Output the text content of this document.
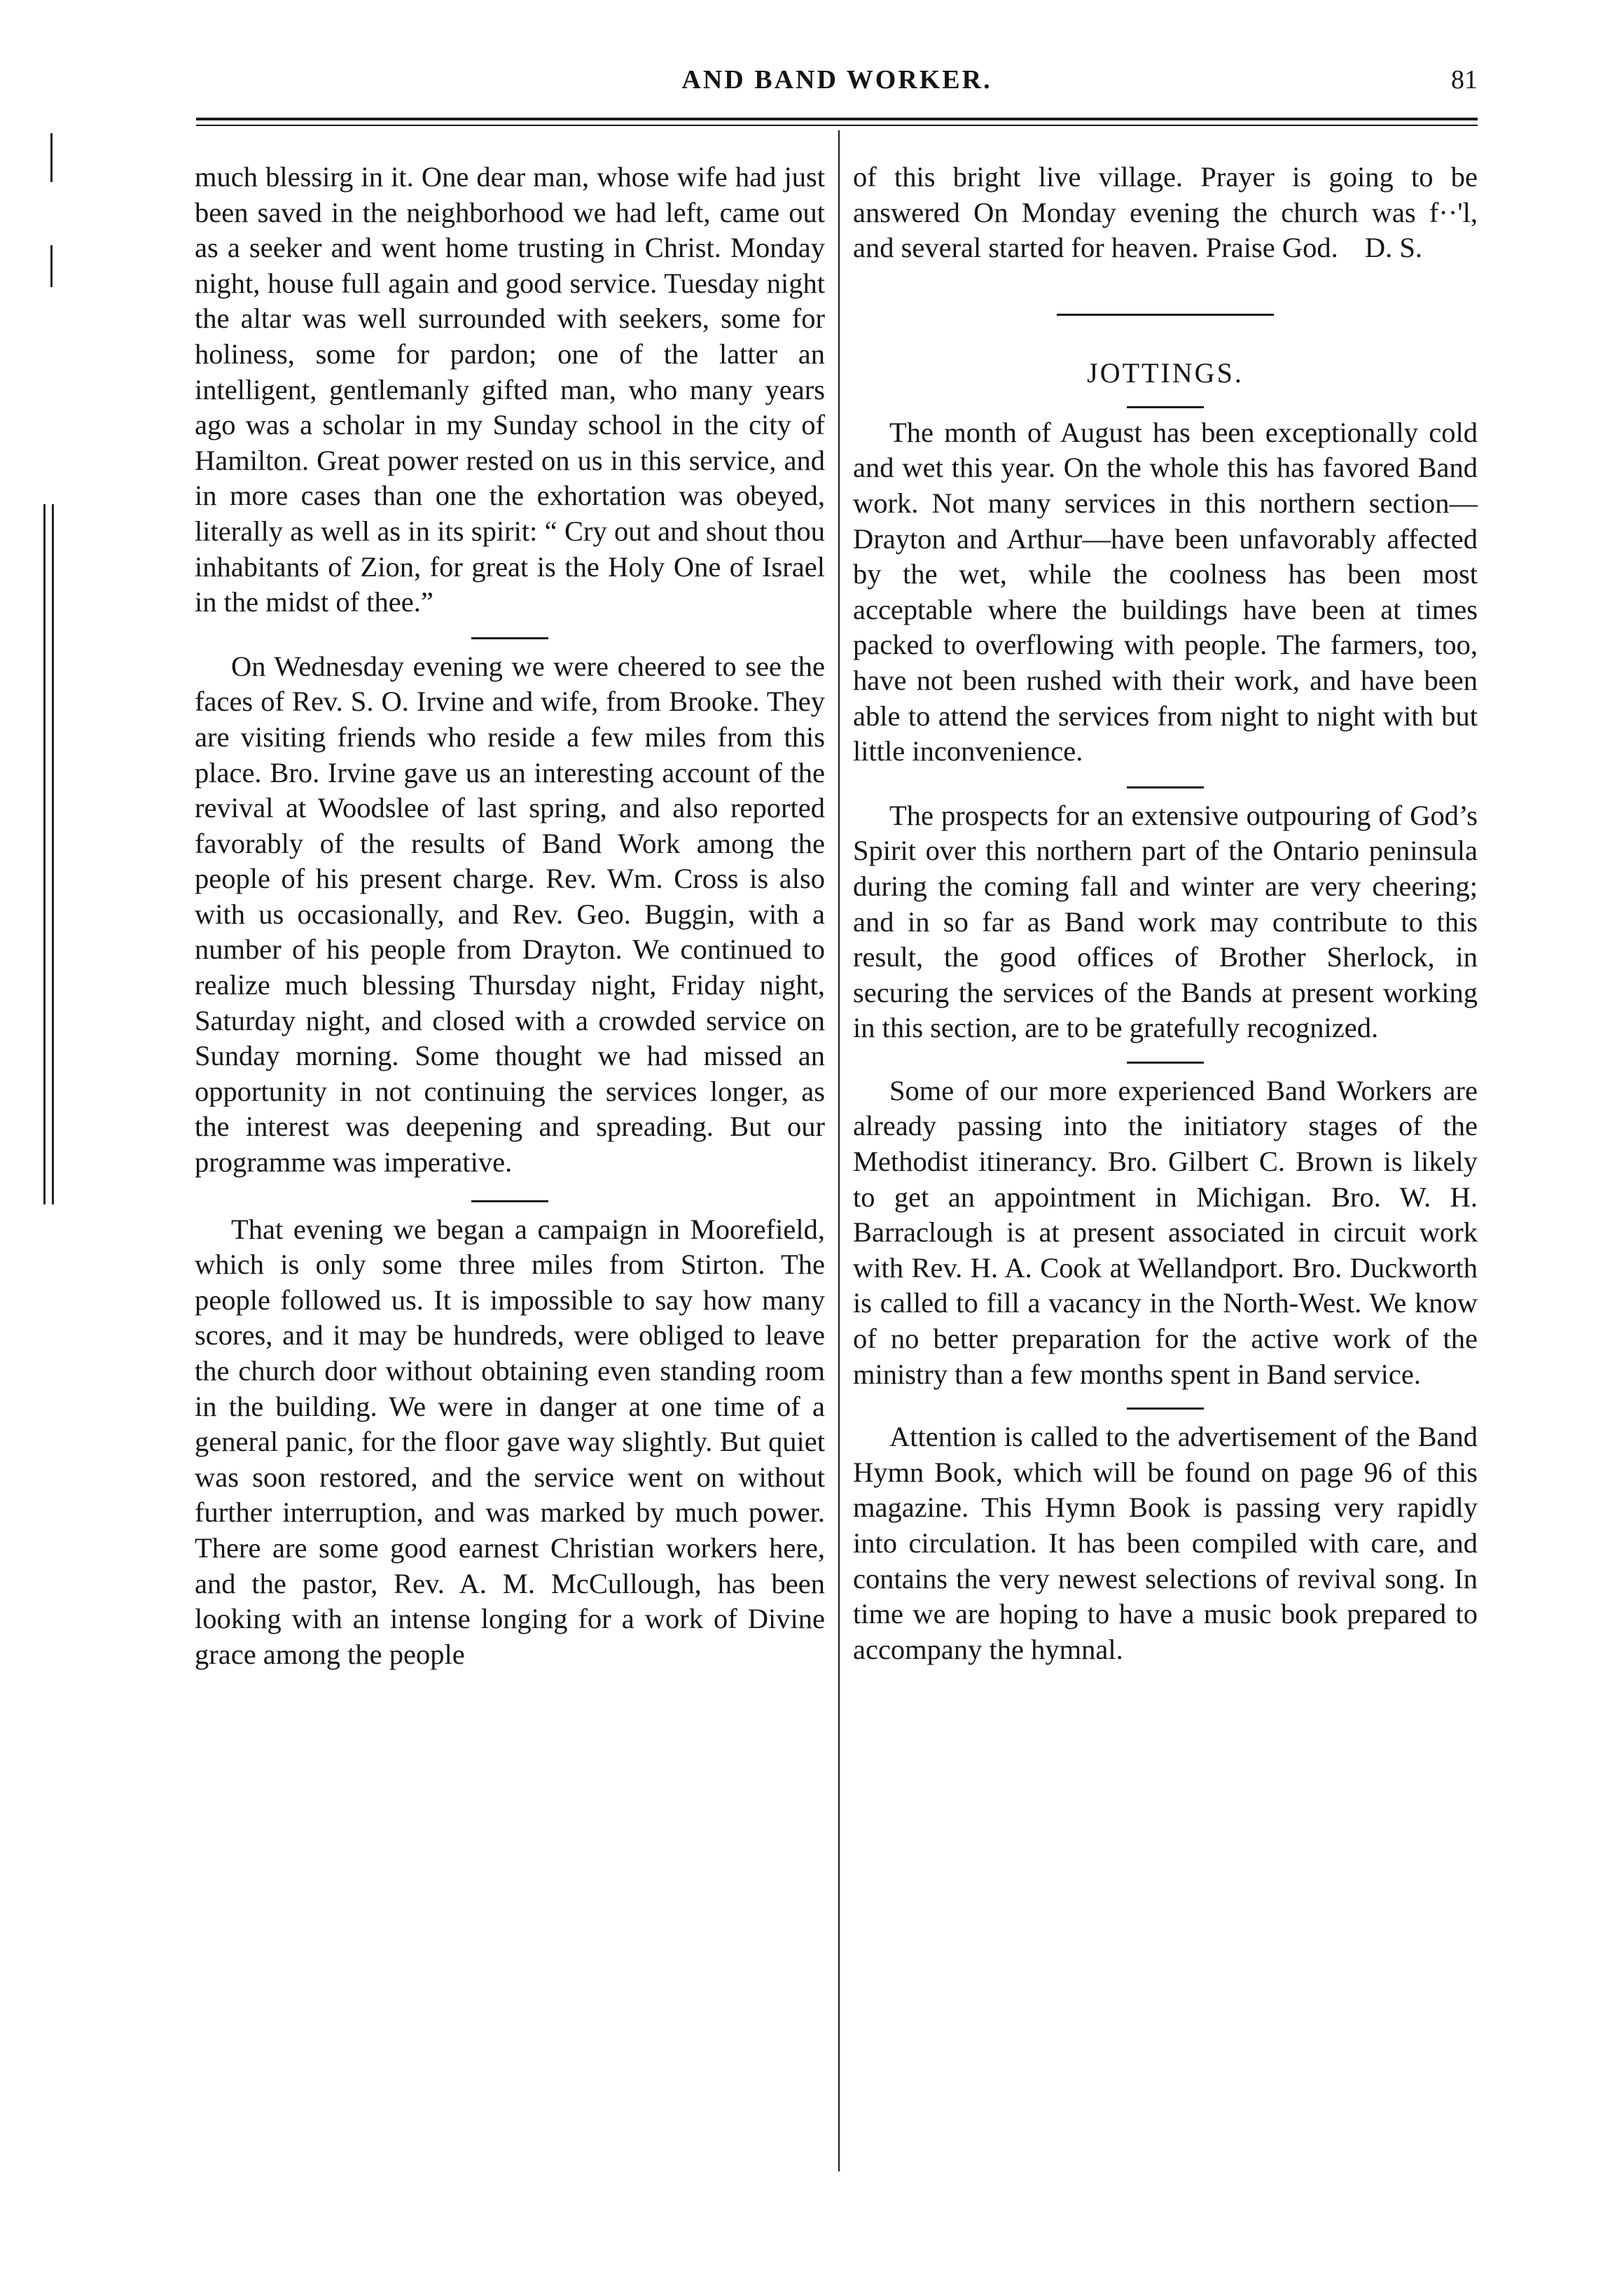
AND BAND WORKER.	81

much blessirg in it. One dear man, whose wife had just been saved in the neighborhood we had left, came out as a seeker and went home trusting in Christ. Monday night, house full again and good service. Tuesday night the altar was well surrounded with seekers, some for holiness, some for pardon; one of the latter an intelligent, gentlemanly gifted man, who many years ago was a scholar in my Sunday school in the city of Hamilton. Great power rested on us in this service, and in more cases than one the exhortation was obeyed, literally as well as in its spirit: “ Cry out and shout thou inhabitants of Zion, for great is the Holy One of Israel in the midst of thee.”

On Wednesday evening we were cheered to see the faces of Rev. S. O. Irvine and wife, from Brooke. They are visiting friends who reside a few miles from this place. Bro. Irvine gave us an interesting account of the revival at Woodslee of last spring, and also reported favorably of the results of Band Work among the people of his present charge. Rev. Wm. Cross is also with us occasionally, and Rev. Geo. Buggin, with a number of his people from Drayton. We continued to realize much blessing Thursday night, Friday night, Saturday night, and closed with a crowded service on Sunday morning. Some thought we had missed an opportunity in not continuing the services longer, as the interest was deepening and spreading. But our programme was imperative.

That evening we began a campaign in Moorefield, which is only some three miles from Stirton. The people followed us. It is impossible to say how many scores, and it may be hundreds, were obliged to leave the church door without obtaining even standing room in the building. We were in danger at one time of a general panic, for the floor gave way slightly. But quiet was soon restored, and the service went on without further interruption, and was marked by much power. There are some good earnest Christian workers here, and the pastor, Rev. A. M. McCullough, has been looking with an intense longing for a work of Divine grace among the people

of this bright live village. Prayer is going to be answered On Monday evening the church was f··'l, and several started for heaven. Praise God. D. S.

JOTTINGS.

The month of August has been exceptionally cold and wet this year. On the whole this has favored Band work. Not many services in this northern section—Drayton and Arthur—have been unfavorably affected by the wet, while the coolness has been most acceptable where the buildings have been at times packed to overflowing with people. The farmers, too, have not been rushed with their work, and have been able to attend the services from night to night with but little inconvenience.

The prospects for an extensive outpouring of God’s Spirit over this northern part of the Ontario peninsula during the coming fall and winter are very cheering; and in so far as Band work may contribute to this result, the good offices of Brother Sherlock, in securing the services of the Bands at present working in this section, are to be gratefully recognized.

Some of our more experienced Band Workers are already passing into the initiatory stages of the Methodist itinerancy. Bro. Gilbert C. Brown is likely to get an appointment in Michigan. Bro. W. H. Barraclough is at present associated in circuit work with Rev. H. A. Cook at Wellandport. Bro. Duckworth is called to fill a vacancy in the North-West. We know of no better preparation for the active work of the ministry than a few months spent in Band service.

Attention is called to the advertisement of the Band Hymn Book, which will be found on page 96 of this magazine. This Hymn Book is passing very rapidly into circulation. It has been compiled with care, and contains the very newest selections of revival song. In time we are hoping to have a music book prepared to accompany the hymnal.
